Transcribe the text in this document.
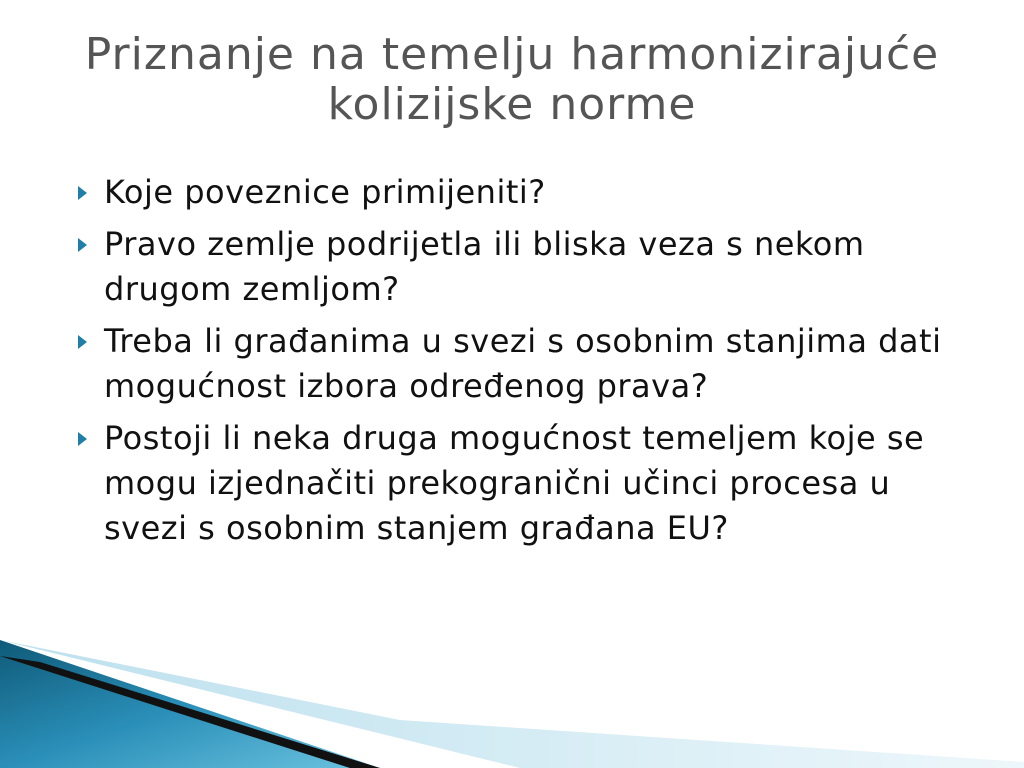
Priznanje na temelju harmonizirajuće kolizijske norme
Koje poveznice primijeniti?
Pravo zemlje podrijetla ili bliska veza s nekom drugom zemljom?
Treba li građanima u svezi s osobnim stanjima dati mogućnost izbora određenog prava?
Postoji li neka druga mogućnost temeljem koje se mogu izjednačiti prekogranični učinci procesa u svezi s osobnim stanjem građana EU?
